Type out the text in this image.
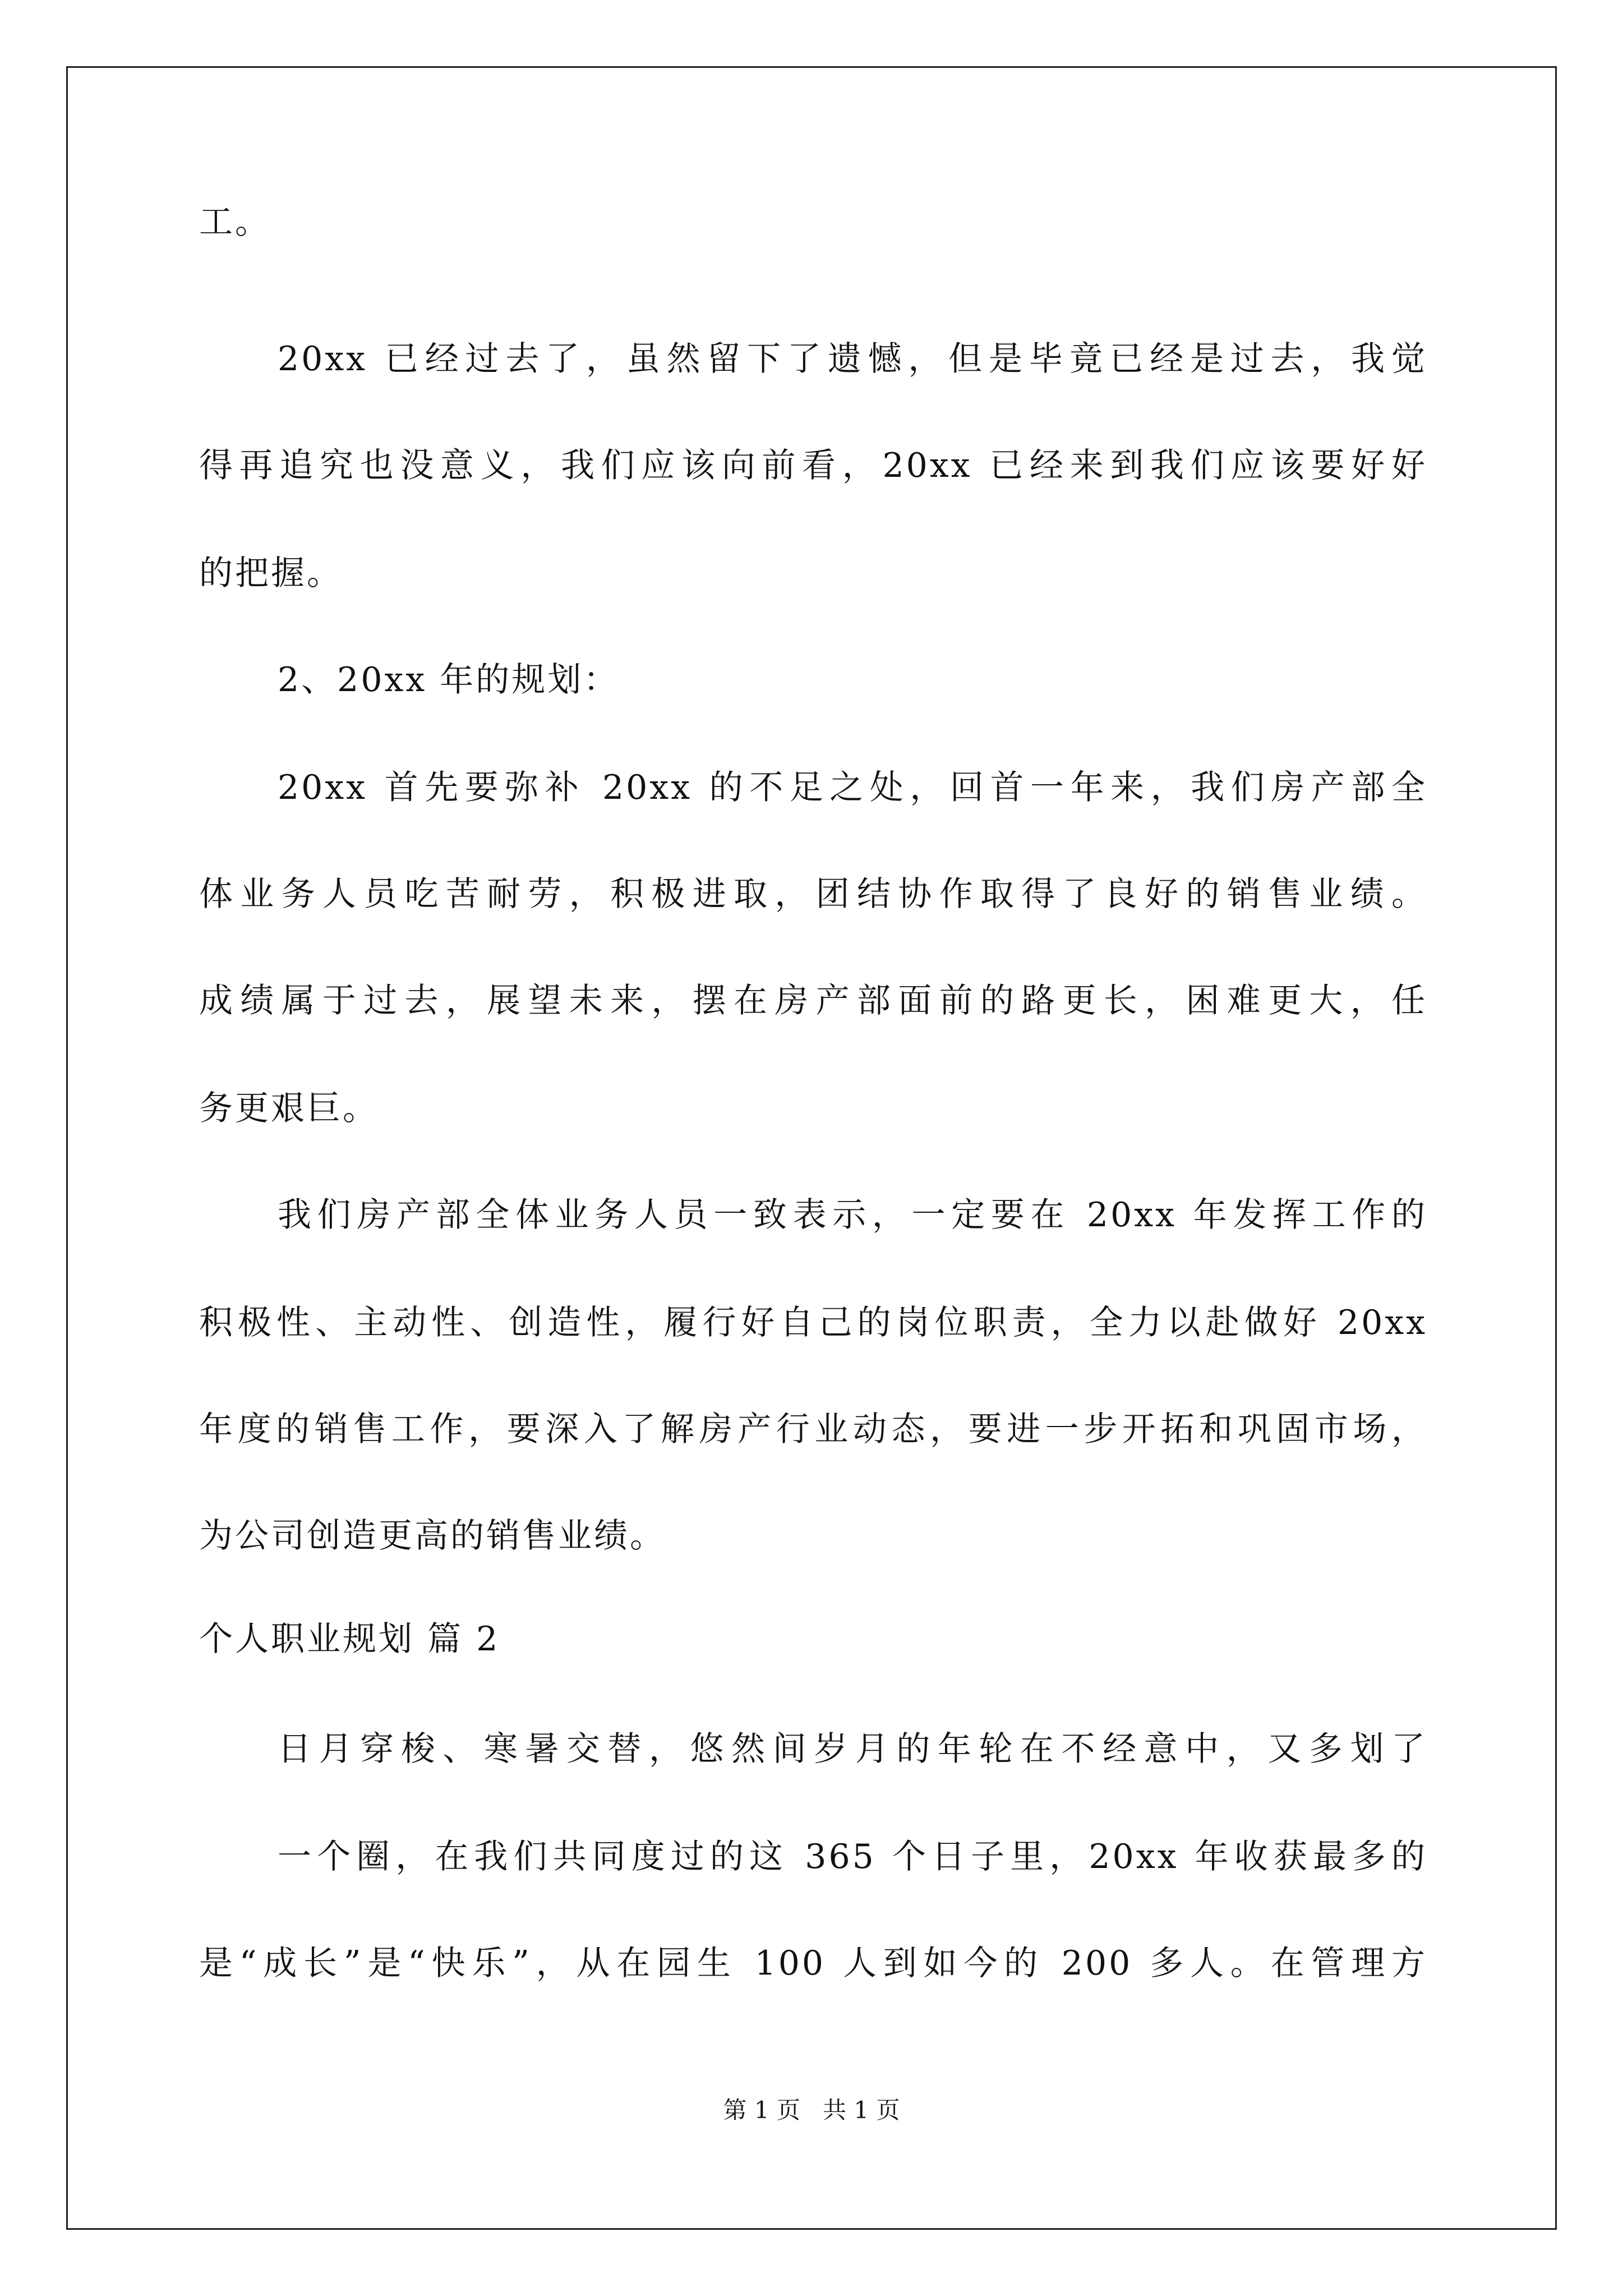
工。
20xx 已经过去了，虽然留下了遗憾，但是毕竟已经是过去，我觉
得再追究也没意义，我们应该向前看，20xx 已经来到我们应该要好好
的把握。
2、20xx 年的规划：
20xx 首先要弥补 20xx 的不足之处，回首一年来，我们房产部全
体业务人员吃苦耐劳，积极进取，团结协作取得了良好的销售业绩。
成绩属于过去，展望未来，摆在房产部面前的路更长，困难更大，任
务更艰巨。
我们房产部全体业务人员一致表示，一定要在 20xx 年发挥工作的
积极性、主动性、创造性，履行好自己的岗位职责，全力以赴做好 20xx
年度的销售工作，要深入了解房产行业动态，要进一步开拓和巩固市场，
为公司创造更高的销售业绩。
个人职业规划 篇 2
日月穿梭、寒暑交替，悠然间岁月的年轮在不经意中，又多划了
一个圈，在我们共同度过的这 365 个日子里，20xx 年收获最多的
是“成长”是“快乐”，从在园生 100 人到如今的 200 多人。在管理方
第 1 页   共 1 页
